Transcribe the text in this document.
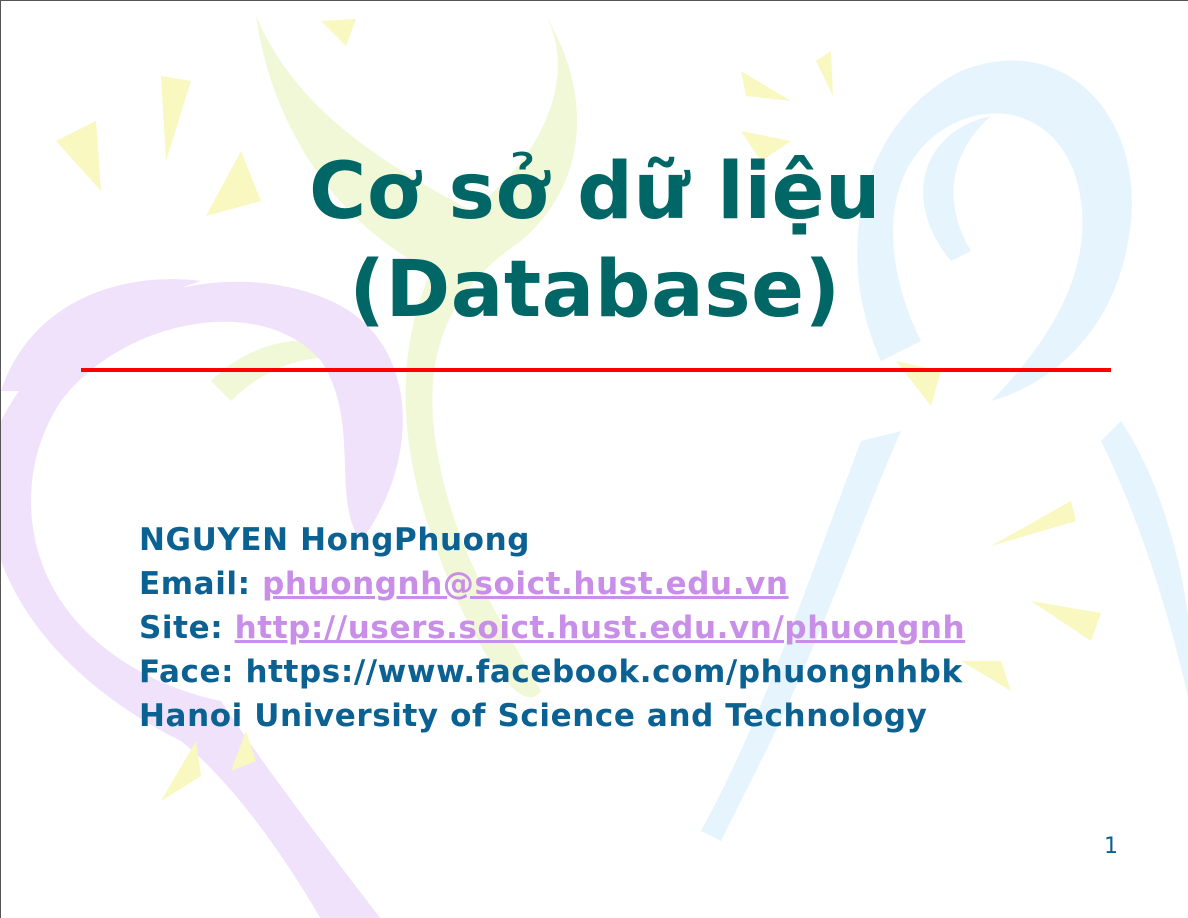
Cơ sở dữ liệu
(Database)
NGUYEN HongPhuong
Email: phuongnh@soict.hust.edu.vn
Site: http://users.soict.hust.edu.vn/phuongnh
Face: https://www.facebook.com/phuongnhbk
Hanoi University of Science and Technology
1
